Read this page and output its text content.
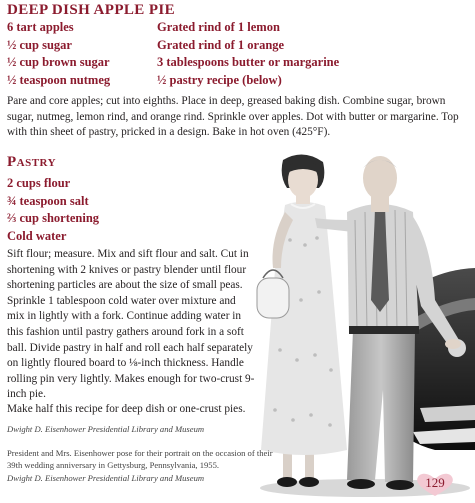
DEEP DISH APPLE PIE
6 tart apples
½ cup sugar
½ cup brown sugar
½ teaspoon nutmeg
Grated rind of 1 lemon
Grated rind of 1 orange
3 tablespoons butter or margarine
½ pastry recipe (below)

Pare and core apples; cut into eighths. Place in deep, greased baking dish. Combine sugar, brown sugar, nutmeg, lemon rind, and orange rind. Sprinkle over apples. Dot with butter or margarine. Top with thin sheet of pastry, pricked in a design. Bake in hot oven (425°F).

Pastry
2 cups flour
¾ teaspoon salt
⅔ cup shortening
Cold water

Sift flour; measure. Mix and sift flour and salt. Cut in shortening with 2 knives or pastry blender until flour shortening particles are about the size of small peas. Sprinkle 1 tablespoon cold water over mixture and mix in lightly with a fork. Continue adding water in this fashion until pastry gathers around fork in a soft ball. Divide pastry in half and roll each half separately on lightly floured board to ⅛-inch thickness. Handle rolling pin very lightly. Makes enough for two-crust 9-inch pie.

Make half this recipe for deep dish or one-crust pies.

Dwight D. Eisenhower Presidential Library and Museum

President and Mrs. Eisenhower pose for their portrait on the occasion of their 39th wedding anniversary in Gettysburg, Pennsylvania, 1955.

Dwight D. Eisenhower Presidential Library and Museum	129
